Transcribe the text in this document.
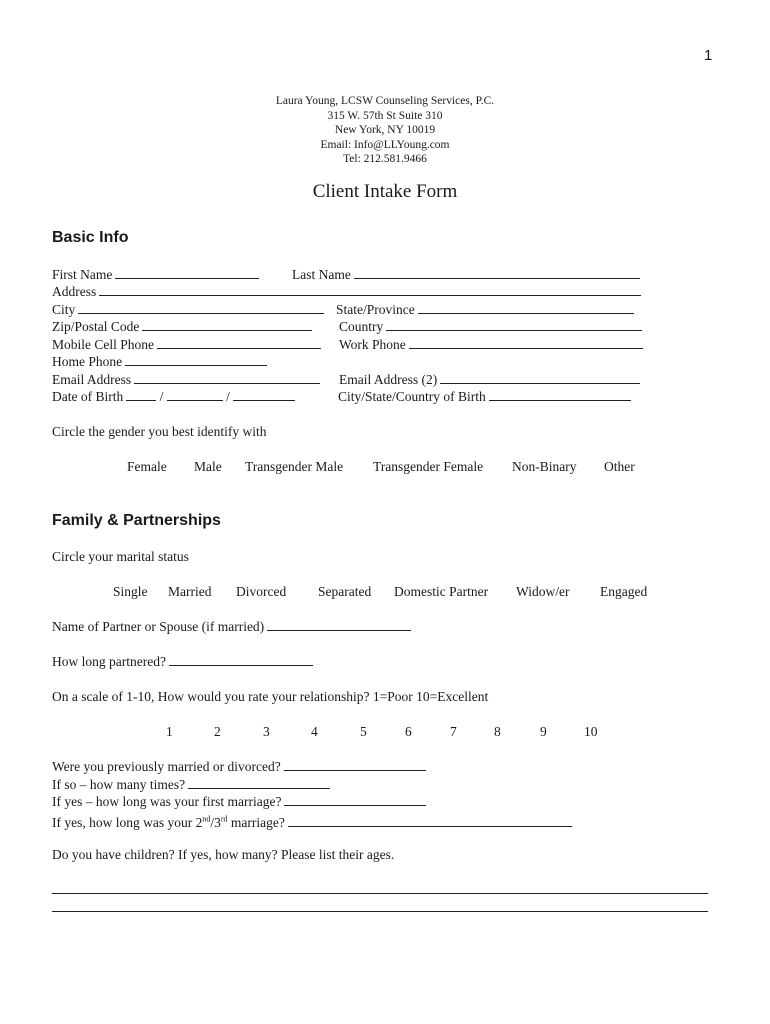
1
Laura Young, LCSW Counseling Services, P.C.
315 W. 57th St Suite 310
New York, NY 10019
Email: Info@LLYoung.com
Tel: 212.581.9466
Client Intake Form
Basic Info
First Name	Last Name
Address
City	State/Province
Zip/Postal Code	Country
Mobile Cell Phone	Work Phone
Home Phone
Email Address	Email Address (2)
Date of Birth	/	/	City/State/Country of Birth
Circle the gender you best identify with
Female Male Transgender Male Transgender Female Non-Binary Other
Family & Partnerships
Circle your marital status
Single Married Divorced Separated Domestic Partner Widow/er Engaged
Name of Partner or Spouse (if married)
How long partnered?
On a scale of 1-10, How would you rate your relationship? 1=Poor 10=Excellent
1	2	3	4	5	6	7	8	9	10
Were you previously married or divorced?
If so – how many times?
If yes – how long was your first marriage?
If yes, how long was your 2nd/3rd marriage?
Do you have children? If yes, how many? Please list their ages.
